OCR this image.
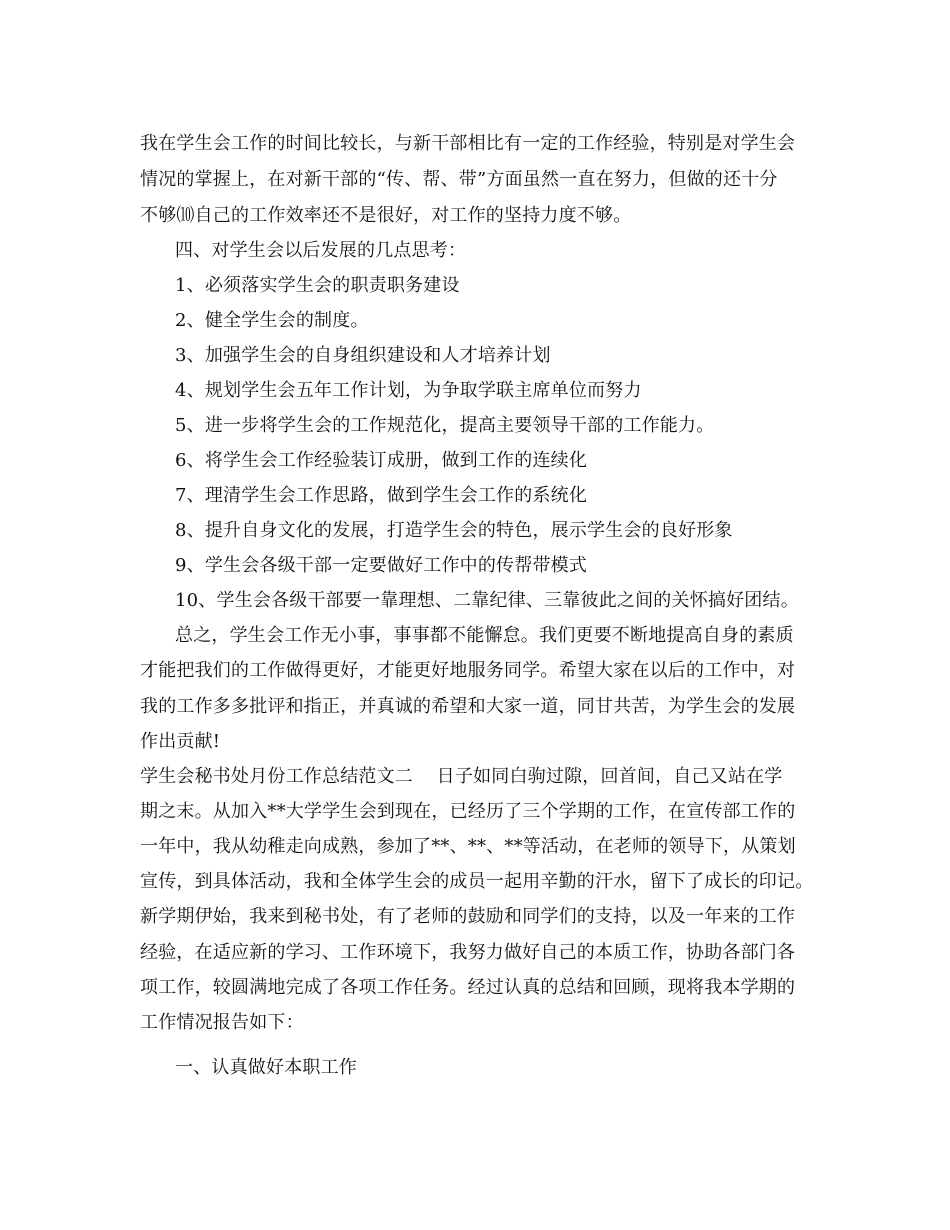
我在学生会工作的时间比较长，与新干部相比有一定的工作经验，特别是对学生会
情况的掌握上，在对新干部的“传、帮、带”方面虽然一直在努力，但做的还十分
不够⑽自己的工作效率还不是很好，对工作的坚持力度不够。
四、对学生会以后发展的几点思考：
1、必须落实学生会的职责职务建设
2、健全学生会的制度。
3、加强学生会的自身组织建设和人才培养计划
4、规划学生会五年工作计划，为争取学联主席单位而努力
5、进一步将学生会的工作规范化，提高主要领导干部的工作能力。
6、将学生会工作经验装订成册，做到工作的连续化
7、理清学生会工作思路，做到学生会工作的系统化
8、提升自身文化的发展，打造学生会的特色，展示学生会的良好形象
9、学生会各级干部一定要做好工作中的传帮带模式
10、学生会各级干部要一靠理想、二靠纪律、三靠彼此之间的关怀搞好团结。
总之，学生会工作无小事，事事都不能懈怠。我们更要不断地提高自身的素质
才能把我们的工作做得更好，才能更好地服务同学。希望大家在以后的工作中，对
我的工作多多批评和指正，并真诚的希望和大家一道，同甘共苦，为学生会的发展
作出贡献!
学生会秘书处月份工作总结范文二    日子如同白驹过隙，回首间，自己又站在学
期之末。从加入**大学学生会到现在，已经历了三个学期的工作，在宣传部工作的
一年中，我从幼稚走向成熟，参加了**、**、**等活动，在老师的领导下，从策划
宣传，到具体活动，我和全体学生会的成员一起用辛勤的汗水，留下了成长的印记。
新学期伊始，我来到秘书处，有了老师的鼓励和同学们的支持，以及一年来的工作
经验，在适应新的学习、工作环境下，我努力做好自己的本质工作，协助各部门各
项工作，较圆满地完成了各项工作任务。经过认真的总结和回顾，现将我本学期的
工作情况报告如下：
一、认真做好本职工作
